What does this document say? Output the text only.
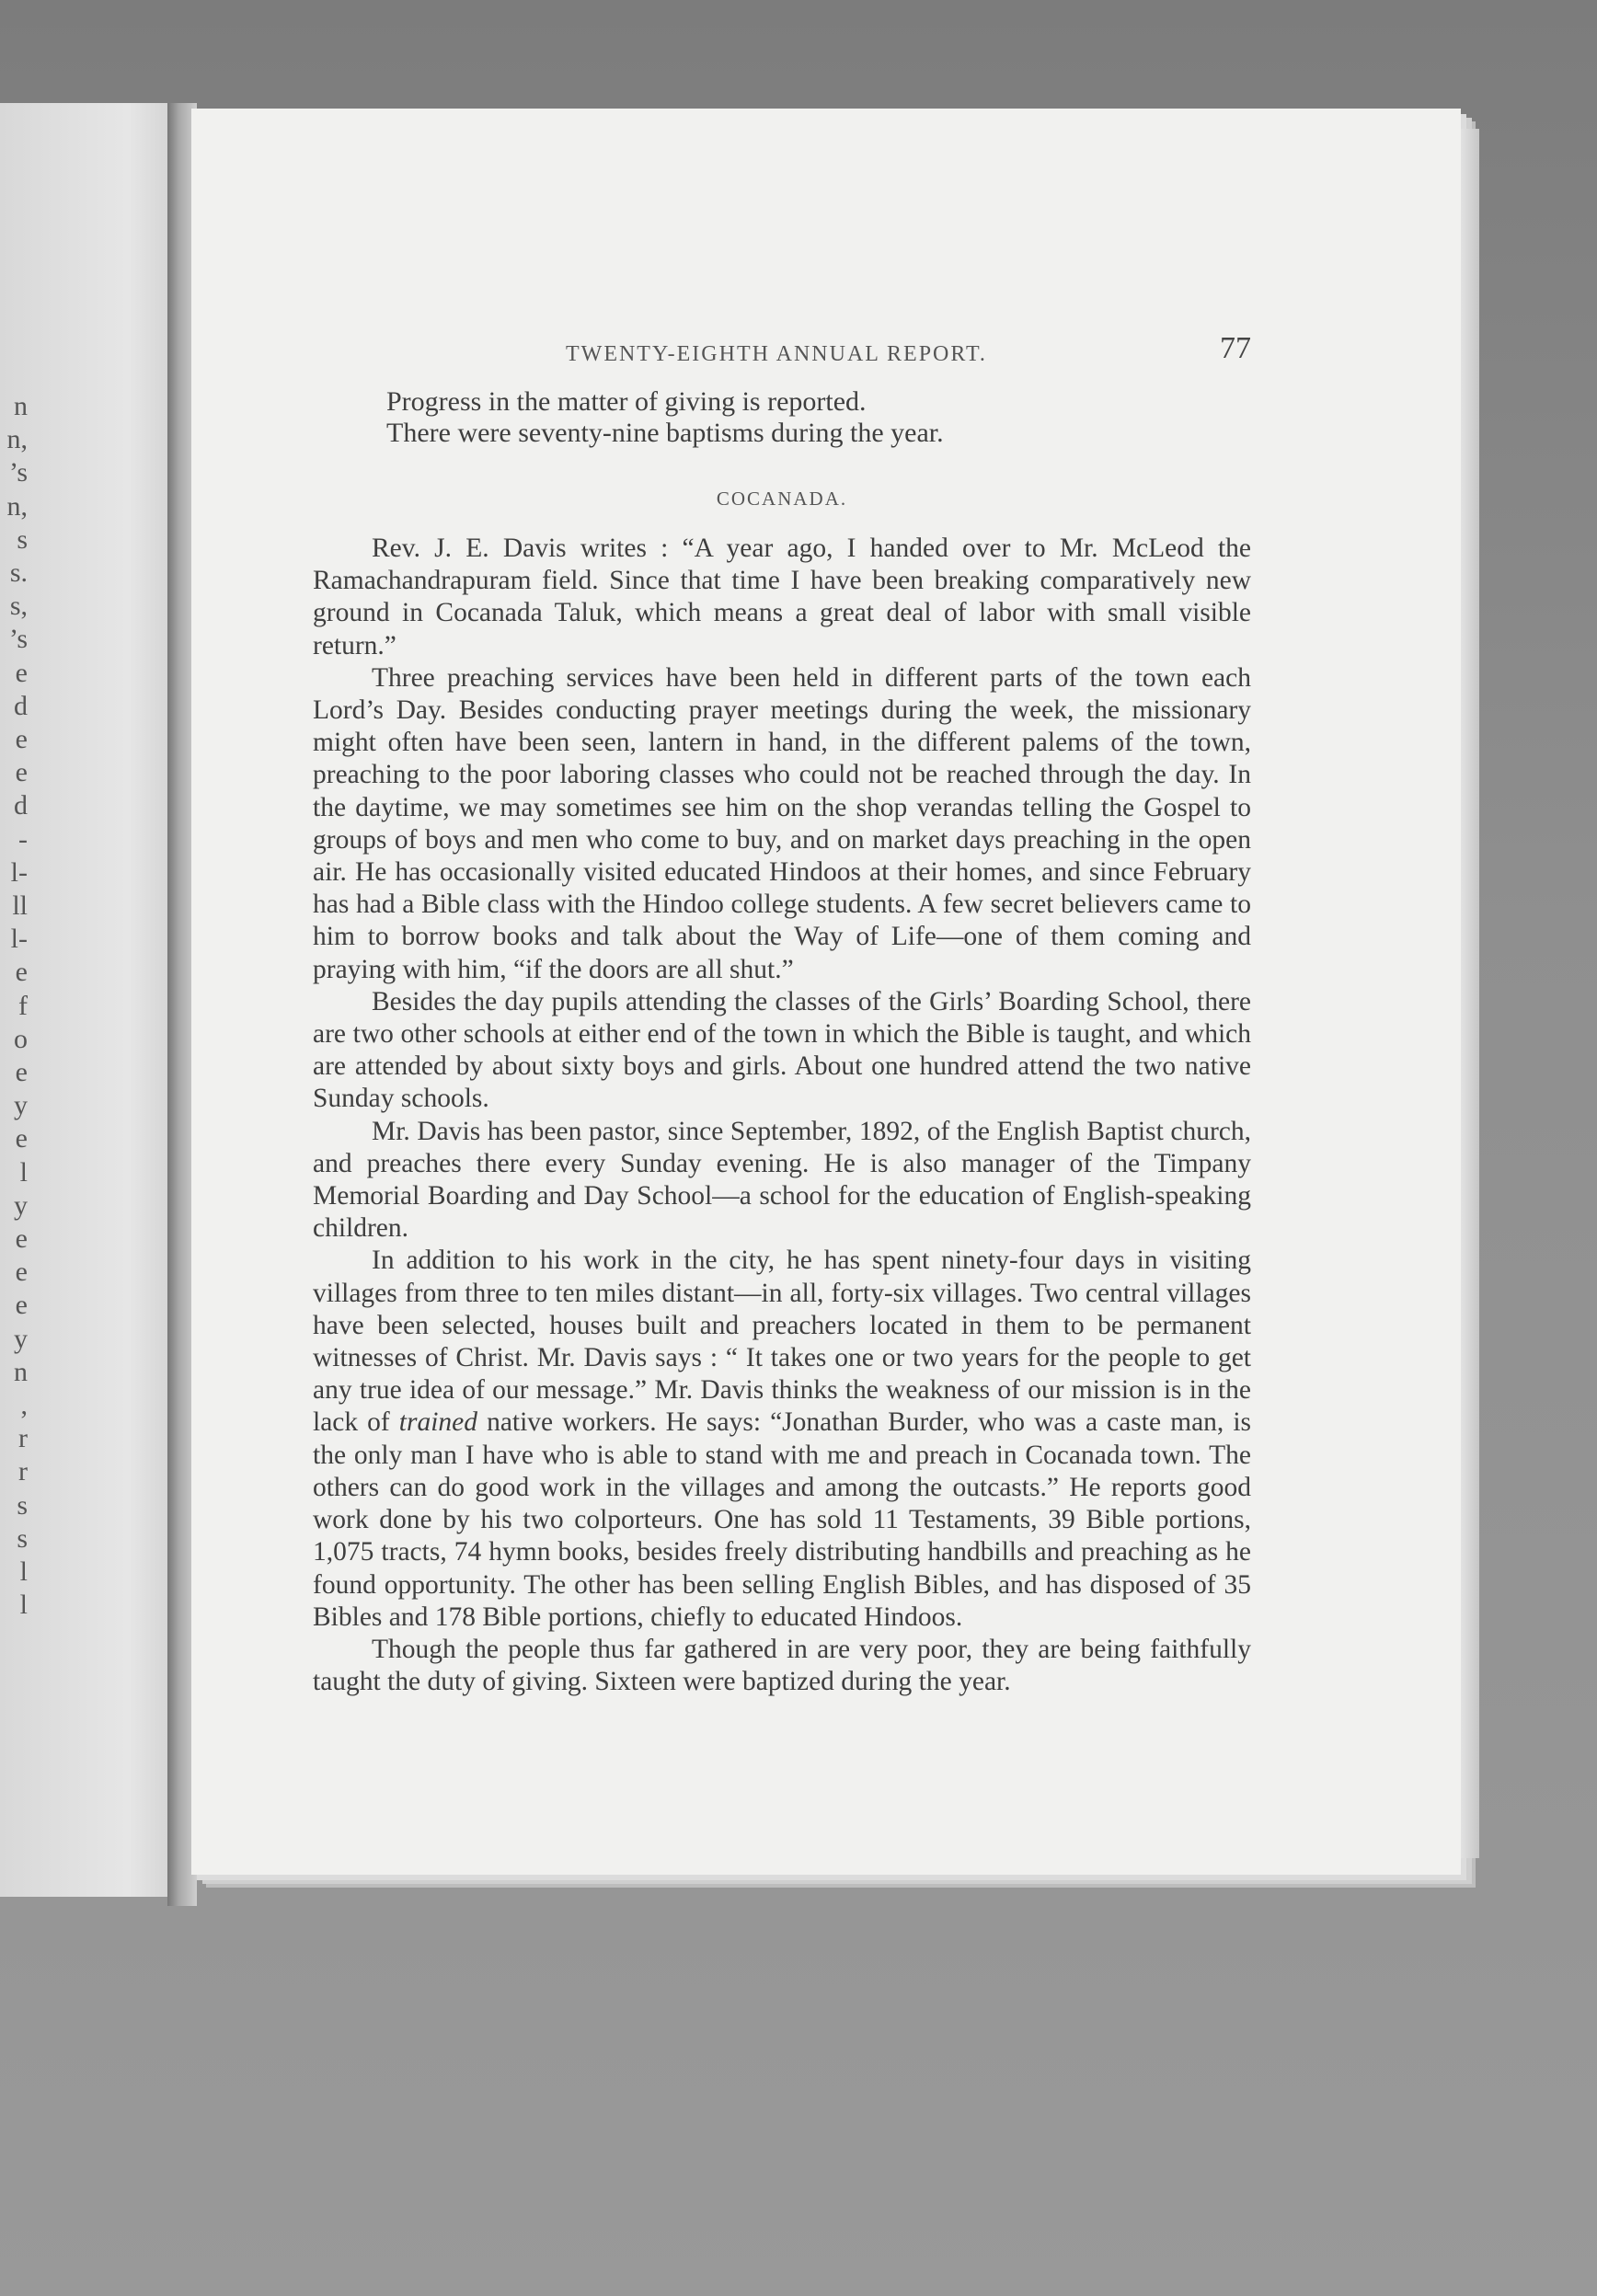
n
n,
’s
n,
s
s.
s,
’s
e
d
e
e
d
-
l-
ll
l-
e
f
o
e
y
e
l
y
e
e
e
y
n
,
r
r
s
s
l
l
TWENTY-EIGHTH ANNUAL REPORT.	77

Progress in the matter of giving is reported.

There were seventy-nine baptisms during the year.

COCANADA.

Rev. J. E. Davis writes : “A year ago, I handed over to Mr. McLeod the Ramachandrapuram field. Since that time I have been breaking comparatively new ground in Cocanada Taluk, which means a great deal of labor with small visible return.”

Three preaching services have been held in different parts of the town each Lord’s Day. Besides conducting prayer meetings during the week, the missionary might often have been seen, lantern in hand, in the different palems of the town, preaching to the poor laboring classes who could not be reached through the day. In the daytime, we may sometimes see him on the shop verandas telling the Gospel to groups of boys and men who come to buy, and on market days preaching in the open air. He has occasionally visited educated Hindoos at their homes, and since February has had a Bible class with the Hindoo college students. A few secret believers came to him to borrow books and talk about the Way of Life—one of them coming and praying with him, “if the doors are all shut.”

Besides the day pupils attending the classes of the Girls’ Boarding School, there are two other schools at either end of the town in which the Bible is taught, and which are attended by about sixty boys and girls. About one hundred attend the two native Sunday schools.

Mr. Davis has been pastor, since September, 1892, of the English Baptist church, and preaches there every Sunday evening. He is also manager of the Timpany Memorial Boarding and Day School—a school for the education of English-speaking children.

In addition to his work in the city, he has spent ninety-four days in visiting villages from three to ten miles distant—in all, forty-six villages. Two central villages have been selected, houses built and preachers located in them to be permanent witnesses of Christ. Mr. Davis says : “ It takes one or two years for the people to get any true idea of our message.” Mr. Davis thinks the weakness of our mission is in the lack of trained native workers. He says: “Jonathan Burder, who was a caste man, is the only man I have who is able to stand with me and preach in Cocanada town. The others can do good work in the villages and among the outcasts.” He reports good work done by his two colporteurs. One has sold 11 Testaments, 39 Bible portions, 1,075 tracts, 74 hymn books, besides freely distributing handbills and preaching as he found opportunity. The other has been selling English Bibles, and has disposed of 35 Bibles and 178 Bible portions, chiefly to educated Hindoos.

Though the people thus far gathered in are very poor, they are being faithfully taught the duty of giving. Sixteen were baptized during the year.
